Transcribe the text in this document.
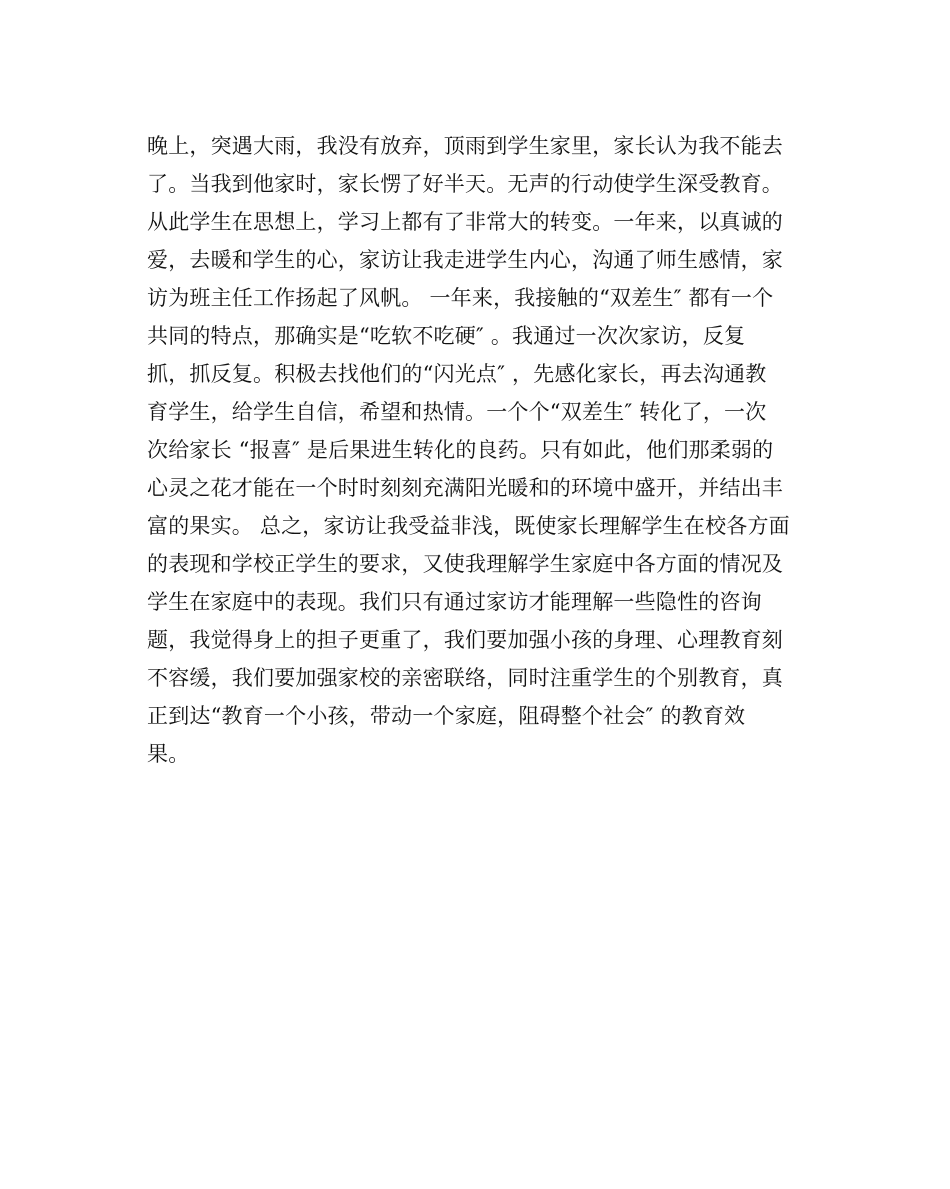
晚上，突遇大雨，我没有放弃，顶雨到学生家里，家长认为我不能去
了。当我到他家时，家长愣了好半天。无声的行动使学生深受教育。
从此学生在思想上，学习上都有了非常大的转变。一年来，以真诚的
爱，去暖和学生的心，家访让我走进学生内心，沟通了师生感情，家
访为班主任工作扬起了风帆。 一年来，我接触的“双差生″ 都有一个
共同的特点，那确实是“吃软不吃硬″ 。我通过一次次家访，反复
抓，抓反复。积极去找他们的“闪光点″ ，先感化家长，再去沟通教
育学生，给学生自信，希望和热情。一个个“双差生″ 转化了，一次
次给家长 “报喜″ 是后果进生转化的良药。只有如此，他们那柔弱的
心灵之花才能在一个时时刻刻充满阳光暖和的环境中盛开，并结出丰
富的果实。 总之，家访让我受益非浅，既使家长理解学生在校各方面
的表现和学校正学生的要求，又使我理解学生家庭中各方面的情况及
学生在家庭中的表现。我们只有通过家访才能理解一些隐性的咨询
题，我觉得身上的担子更重了，我们要加强小孩的身理、心理教育刻
不容缓，我们要加强家校的亲密联络，同时注重学生的个别教育，真
正到达“教育一个小孩，带动一个家庭，阻碍整个社会″ 的教育效
果。
